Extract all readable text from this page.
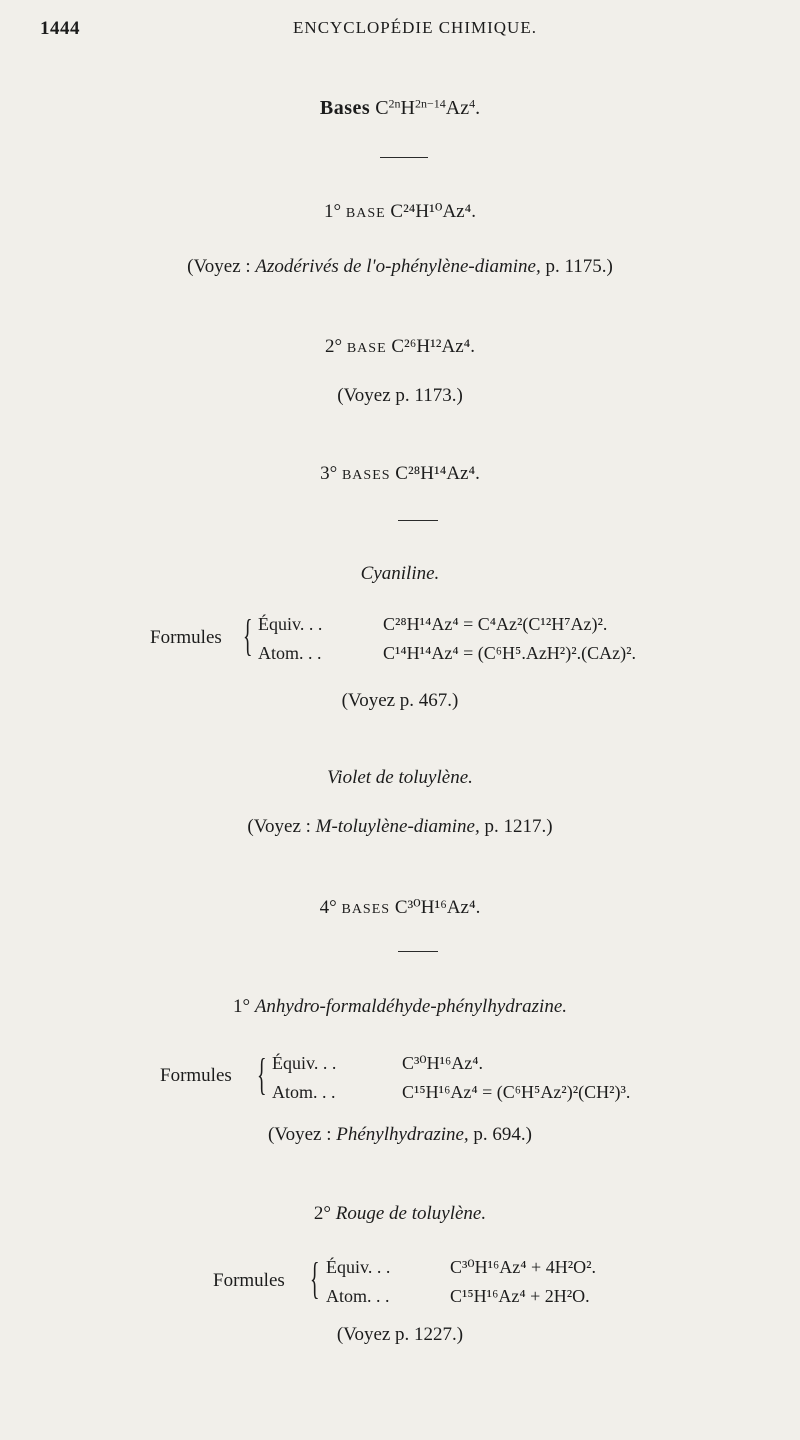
1444	ENCYCLOPÉDIE CHIMIQUE.
Bases $C^{2n}H^{2n-14}Az^4$.
1° BASE C²⁴H¹⁰Az⁴.
(Voyez : Azodérivés de l'o-phénylène-diamine, p. 1175.)
2° BASE C²⁶H¹²Az⁴.
(Voyez p. 1173.)
3° BASES C²⁸H¹⁴Az⁴.
Cyaniline.
Formules { Équiv. . .	C²⁸H¹⁴Az⁴ = C⁴Az²(C¹²H⁷Az)².
Atom. . .	C¹⁴H¹⁴Az⁴ = (C⁶H⁵.AzH²)².(CAz)².
(Voyez p. 467.)
Violet de toluylène.
(Voyez : M-toluylène-diamine, p. 1217.)
4° BASES C³⁰H¹⁶Az⁴.
1° Anhydro-formaldéhyde-phénylhydrazine.
Formules { Équiv. . .	C³⁰H¹⁶Az⁴.
Atom. . .	C¹⁵H¹⁶Az⁴ = (C⁶H⁵Az²)²(CH²)³.
(Voyez : Phénylhydrazine, p. 694.)
2° Rouge de toluylène.
Formules { Équiv. . .	C³⁰H¹⁶Az⁴ + 4H²O².
Atom. . .	C¹⁵H¹⁶Az⁴ + 2H²O.
(Voyez p. 1227.)
